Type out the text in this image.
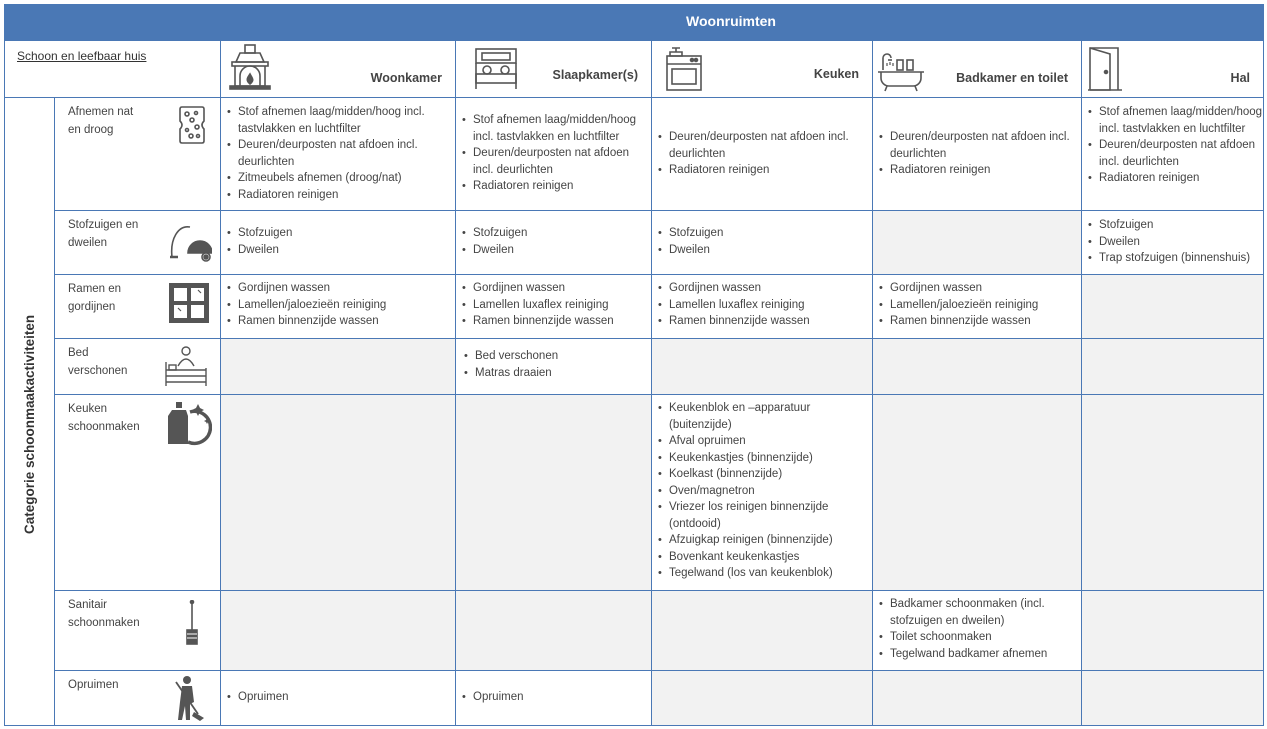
Woonruimten
Schoon en leefbaar huis
Woonkamer	Slaapkamer(s)	Keuken	Badkamer en toilet	Hal
Categorie schoonmaakactiviteiten
Afnemen nat en droog
Stofzuigen en dweilen
Ramen en gordijnen
Bed verschonen
Keuken schoonmaken
Sanitair schoonmaken
Opruimen
• Stof afnemen laag/midden/hoog incl. tastvlakken en luchtfilter
• Deuren/deurposten nat afdoen incl. deurlichten
• Zitmeubels afnemen (droog/nat)
• Radiatoren reinigen
• Stof afnemen laag/midden/hoog incl. tastvlakken en luchtfilter
• Deuren/deurposten nat afdoen incl. deurlichten
• Radiatoren reinigen
• Deuren/deurposten nat afdoen incl. deurlichten
• Radiatoren reinigen
• Deuren/deurposten nat afdoen incl. deurlichten
• Radiatoren reinigen
• Stof afnemen laag/midden/hoog incl. tastvlakken en luchtfilter
• Deuren/deurposten nat afdoen incl. deurlichten
• Radiatoren reinigen
• Stofzuigen
• Dweilen
• Stofzuigen
• Dweilen
• Stofzuigen
• Dweilen
• Stofzuigen
• Dweilen
• Trap stofzuigen (binnenshuis)
• Gordijnen wassen
• Lamellen/jaloezieën reiniging
• Ramen binnenzijde wassen
• Gordijnen wassen
• Lamellen luxaflex reiniging
• Ramen binnenzijde wassen
• Gordijnen wassen
• Lamellen luxaflex reiniging
• Ramen binnenzijde wassen
• Gordijnen wassen
• Lamellen/jaloezieën reiniging
• Ramen binnenzijde wassen
• Bed verschonen
• Matras draaien
• Keukenblok en –apparatuur (buitenzijde)
• Afval opruimen
• Keukenkastjes (binnenzijde)
• Koelkast (binnenzijde)
• Oven/magnetron
• Vriezer los reinigen binnenzijde (ontdooid)
• Afzuigkap reinigen (binnenzijde)
• Bovenkant keukenkastjes
• Tegelwand (los van keukenblok)
• Badkamer schoonmaken (incl. stofzuigen en dweilen)
• Toilet schoonmaken
• Tegelwand badkamer afnemen
• Opruimen
•	Opruimen
